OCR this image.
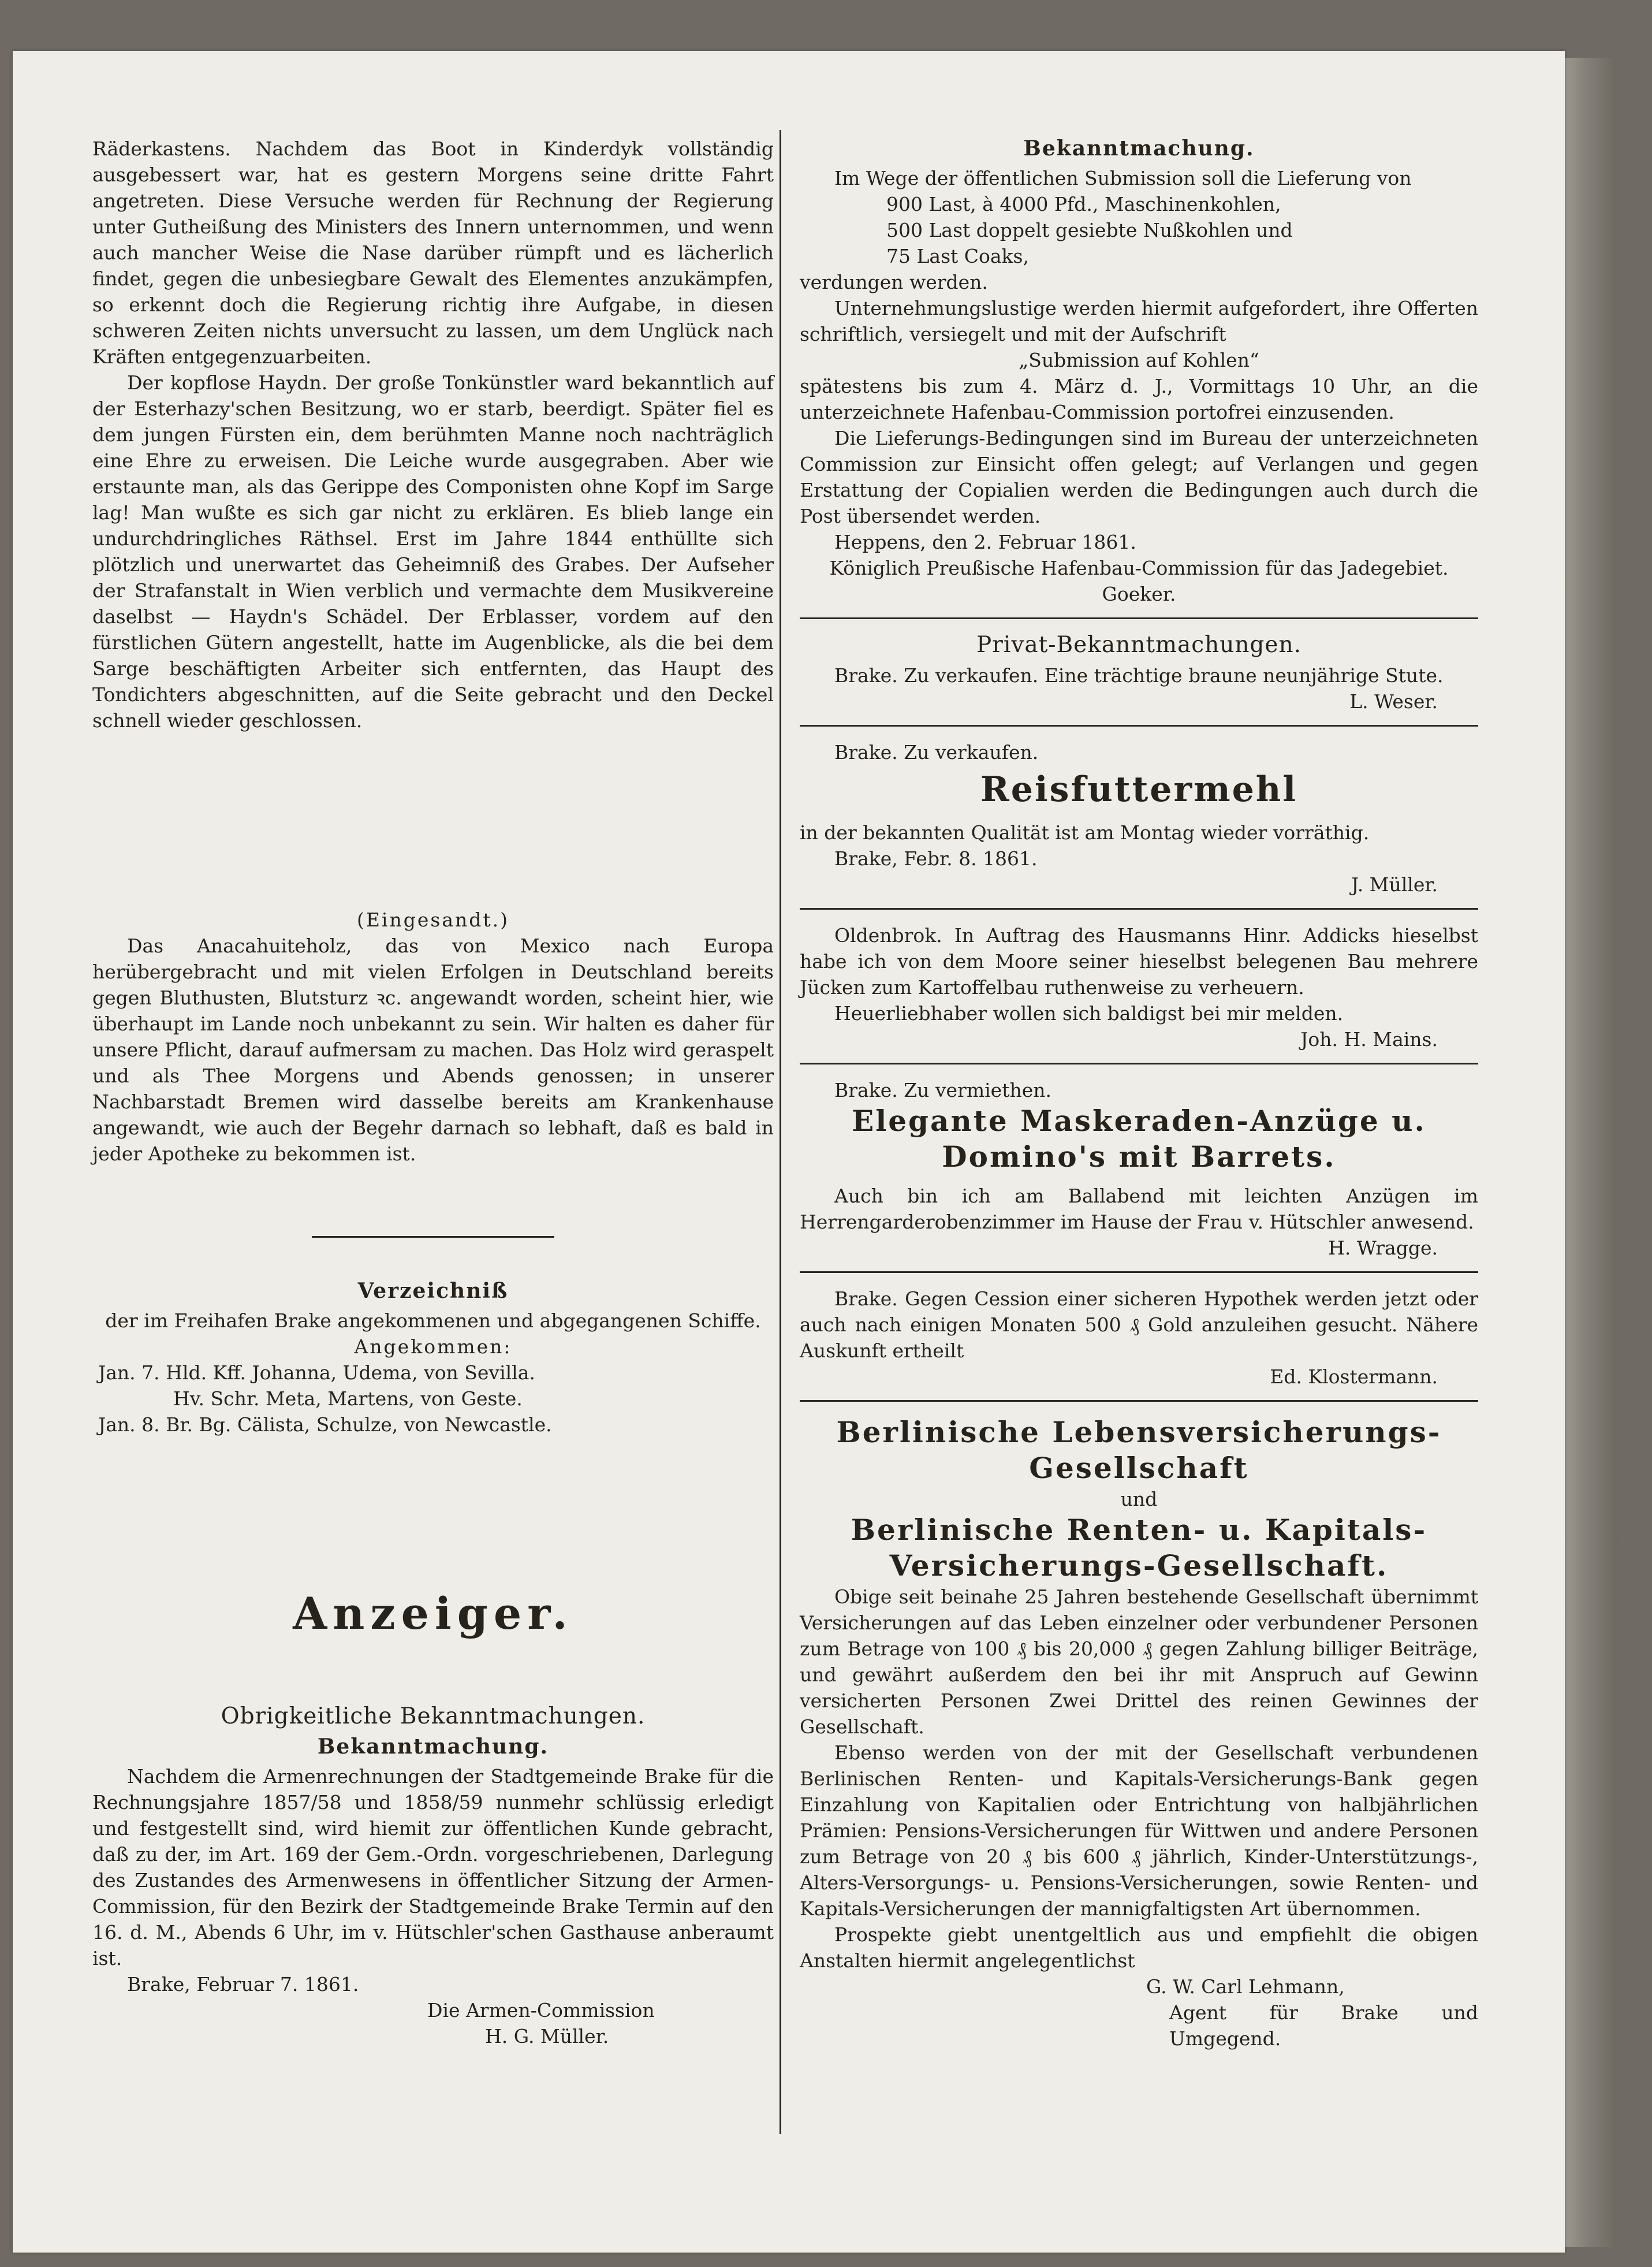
Räderkastens. Nachdem das Boot in Kinderdyk vollständig ausgebessert war, hat es gestern Morgens seine dritte Fahrt angetreten. Diese Versuche werden für Rechnung der Regierung unter Gutheißung des Ministers des Innern unternommen, und wenn auch mancher Weise die Nase darüber rümpft und es lächerlich findet, gegen die unbesiegbare Gewalt des Elementes anzukämpfen, so erkennt doch die Regierung richtig ihre Aufgabe, in diesen schweren Zeiten nichts unversucht zu lassen, um dem Unglück nach Kräften entgegenzuarbeiten.

Der kopflose Haydn. Der große Tonkünstler ward bekanntlich auf der Esterhazy'schen Besitzung, wo er starb, beerdigt. Später fiel es dem jungen Fürsten ein, dem berühmten Manne noch nachträglich eine Ehre zu erweisen. Die Leiche wurde ausgegraben. Aber wie erstaunte man, als das Gerippe des Componisten ohne Kopf im Sarge lag! Man wußte es sich gar nicht zu erklären. Es blieb lange ein undurchdringliches Räthsel. Erst im Jahre 1844 enthüllte sich plötzlich und unerwartet das Geheimniß des Grabes. Der Aufseher der Strafanstalt in Wien verblich und vermachte dem Musikvereine daselbst — Haydn's Schädel. Der Erblasser, vordem auf den fürstlichen Gütern angestellt, hatte im Augenblicke, als die bei dem Sarge beschäftigten Arbeiter sich entfernten, das Haupt des Tondichters abgeschnitten, auf die Seite gebracht und den Deckel schnell wieder geschlossen.

(Eingesandt.)

Das Anacahuiteholz, das von Mexico nach Europa herübergebracht und mit vielen Erfolgen in Deutschland bereits gegen Bluthusten, Blutsturz ꝛc. angewandt worden, scheint hier, wie überhaupt im Lande noch unbekannt zu sein. Wir halten es daher für unsere Pflicht, darauf aufmersam zu machen. Das Holz wird geraspelt und als Thee Morgens und Abends genossen; in unserer Nachbarstadt Bremen wird dasselbe bereits am Krankenhause angewandt, wie auch der Begehr darnach so lebhaft, daß es bald in jeder Apotheke zu bekommen ist.

Verzeichniß

der im Freihafen Brake angekommenen und abgegangenen Schiffe.

Angekommen:

Jan. 7. Hld. Kff. Johanna, Udema, von Sevilla.
Hv. Schr. Meta, Martens, von Geste.
Jan. 8. Br. Bg. Cälista, Schulze, von Newcastle.

Anzeiger.

Obrigkeitliche Bekanntmachungen.

Bekanntmachung.

Nachdem die Armenrechnungen der Stadtgemeinde Brake für die Rechnungsjahre 1857/58 und 1858/59 nunmehr schlüssig erledigt und festgestellt sind, wird hiemit zur öffentlichen Kunde gebracht, daß zu der, im Art. 169 der Gem.-Ordn. vorgeschriebenen, Darlegung des Zustandes des Armenwesens in öffentlicher Sitzung der Armen-Commission, für den Bezirk der Stadtgemeinde Brake Termin auf den 16. d. M., Abends 6 Uhr, im v. Hütschler'schen Gasthause anberaumt ist.

Brake, Februar 7. 1861.

Die Armen-Commission

H. G. Müller.

Bekanntmachung.

Im Wege der öffentlichen Submission soll die Lieferung von

900 Last, à 4000 Pfd., Maschinenkohlen,
500 Last doppelt gesiebte Nußkohlen und
75 Last Coaks,

verdungen werden.

Unternehmungslustige werden hiermit aufgefordert, ihre Offerten schriftlich, versiegelt und mit der Aufschrift

„Submission auf Kohlen“

spätestens bis zum 4. März d. J., Vormittags 10 Uhr, an die unterzeichnete Hafenbau-Commission portofrei einzusenden.

Die Lieferungs-Bedingungen sind im Bureau der unterzeichneten Commission zur Einsicht offen gelegt; auf Verlangen und gegen Erstattung der Copialien werden die Bedingungen auch durch die Post übersendet werden.

Heppens, den 2. Februar 1861.

Königlich Preußische Hafenbau-Commission für das Jadegebiet.

Goeker.

Privat-Bekanntmachungen.

Brake. Zu verkaufen. Eine trächtige braune neunjährige Stute.

L. Weser.

Brake. Zu verkaufen.

Reisfuttermehl

in der bekannten Qualität ist am Montag wieder vorräthig.

Brake, Febr. 8. 1861.

J. Müller.

Oldenbrok. In Auftrag des Hausmanns Hinr. Addicks hieselbst habe ich von dem Moore seiner hieselbst belegenen Bau mehrere Jücken zum Kartoffelbau ruthenweise zu verheuern.

Heuerliebhaber wollen sich baldigst bei mir melden.

Joh. H. Mains.

Brake. Zu vermiethen.

Elegante Maskeraden-Anzüge u.

Domino's mit Barrets.

Auch bin ich am Ballabend mit leichten Anzügen im Herrengarderobenzimmer im Hause der Frau v. Hütschler anwesend.

H. Wragge.

Brake. Gegen Cession einer sicheren Hypothek werden jetzt oder auch nach einigen Monaten 500 ₰ Gold anzuleihen gesucht. Nähere Auskunft ertheilt

Ed. Klostermann.

Berlinische Lebensversicherungs-

Gesellschaft

und

Berlinische Renten- u. Kapitals-

Versicherungs-Gesellschaft.

Obige seit beinahe 25 Jahren bestehende Gesellschaft übernimmt Versicherungen auf das Leben einzelner oder verbundener Personen zum Betrage von 100 ₰ bis 20,000 ₰ gegen Zahlung billiger Beiträge, und gewährt außerdem den bei ihr mit Anspruch auf Gewinn versicherten Personen Zwei Drittel des reinen Gewinnes der Gesellschaft.

Ebenso werden von der mit der Gesellschaft verbundenen Berlinischen Renten- und Kapitals-Versicherungs-Bank gegen Einzahlung von Kapitalien oder Entrichtung von halbjährlichen Prämien: Pensions-Versicherungen für Wittwen und andere Personen zum Betrage von 20 ₰ bis 600 ₰ jährlich, Kinder-Unterstützungs-, Alters-Versorgungs- u. Pensions-Versicherungen, sowie Renten- und Kapitals-Versicherungen der mannigfaltigsten Art übernommen.

Prospekte giebt unentgeltlich aus und empfiehlt die obigen Anstalten hiermit angelegentlichst

G. W. Carl Lehmann,

Agent für Brake und Umgegend.
